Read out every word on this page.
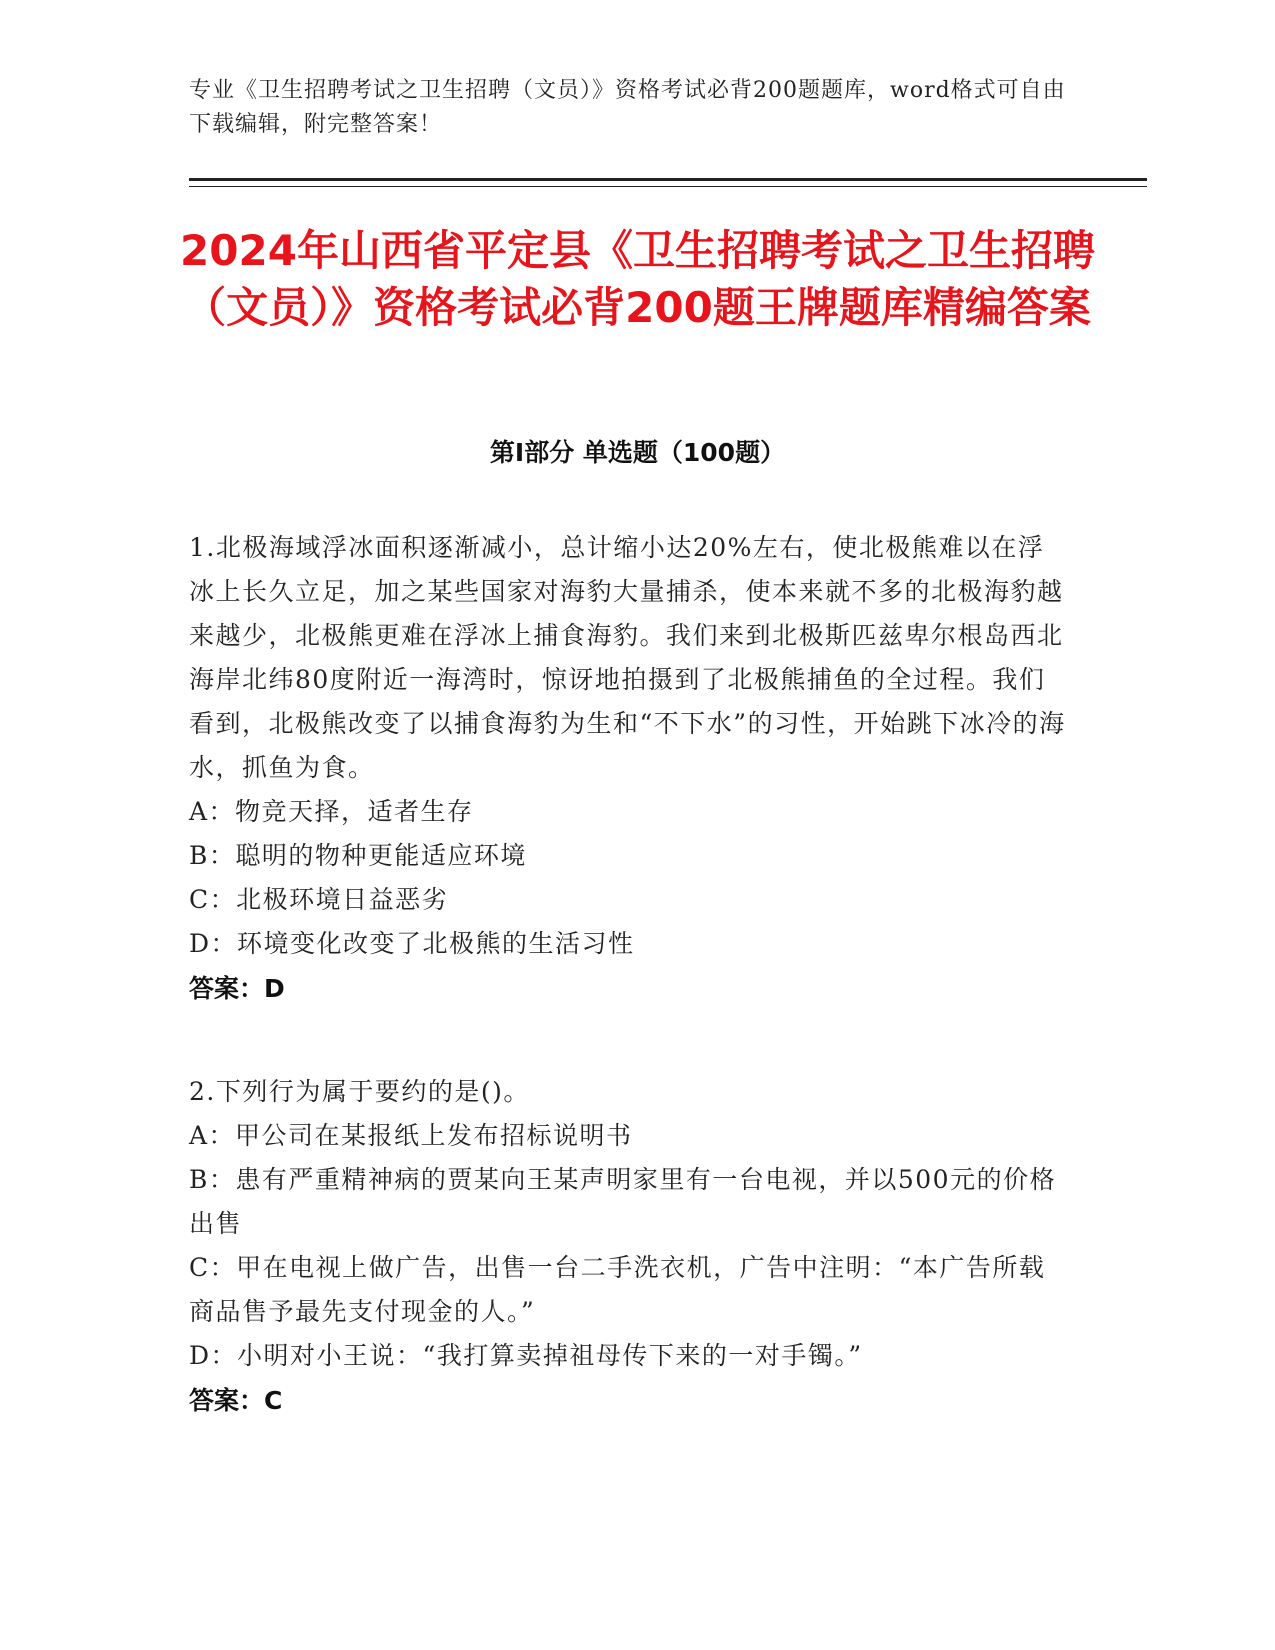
专业《卫生招聘考试之卫生招聘（文员）》资格考试必背200题题库，word格式可自由下载编辑，附完整答案！
2024年山西省平定县《卫生招聘考试之卫生招聘（文员）》资格考试必背200题王牌题库精编答案
第I部分 单选题（100题）
1.北极海域浮冰面积逐渐减小，总计缩小达20%左右，使北极熊难以在浮冰上长久立足，加之某些国家对海豹大量捕杀，使本来就不多的北极海豹越来越少，北极熊更难在浮冰上捕食海豹。我们来到北极斯匹兹卑尔根岛西北海岸北纬80度附近一海湾时，惊讶地拍摄到了北极熊捕鱼的全过程。我们看到，北极熊改变了以捕食海豹为生和“不下水”的习性，开始跳下冰冷的海水，抓鱼为食。
A：物竞天择，适者生存
B：聪明的物种更能适应环境
C：北极环境日益恶劣
D：环境变化改变了北极熊的生活习性
答案：D
2.下列行为属于要约的是()。
A：甲公司在某报纸上发布招标说明书
B：患有严重精神病的贾某向王某声明家里有一台电视，并以500元的价格出售
C：甲在电视上做广告，出售一台二手洗衣机，广告中注明：“本广告所载商品售予最先支付现金的人。”
D：小明对小王说：“我打算卖掉祖母传下来的一对手镯。”
答案：C
